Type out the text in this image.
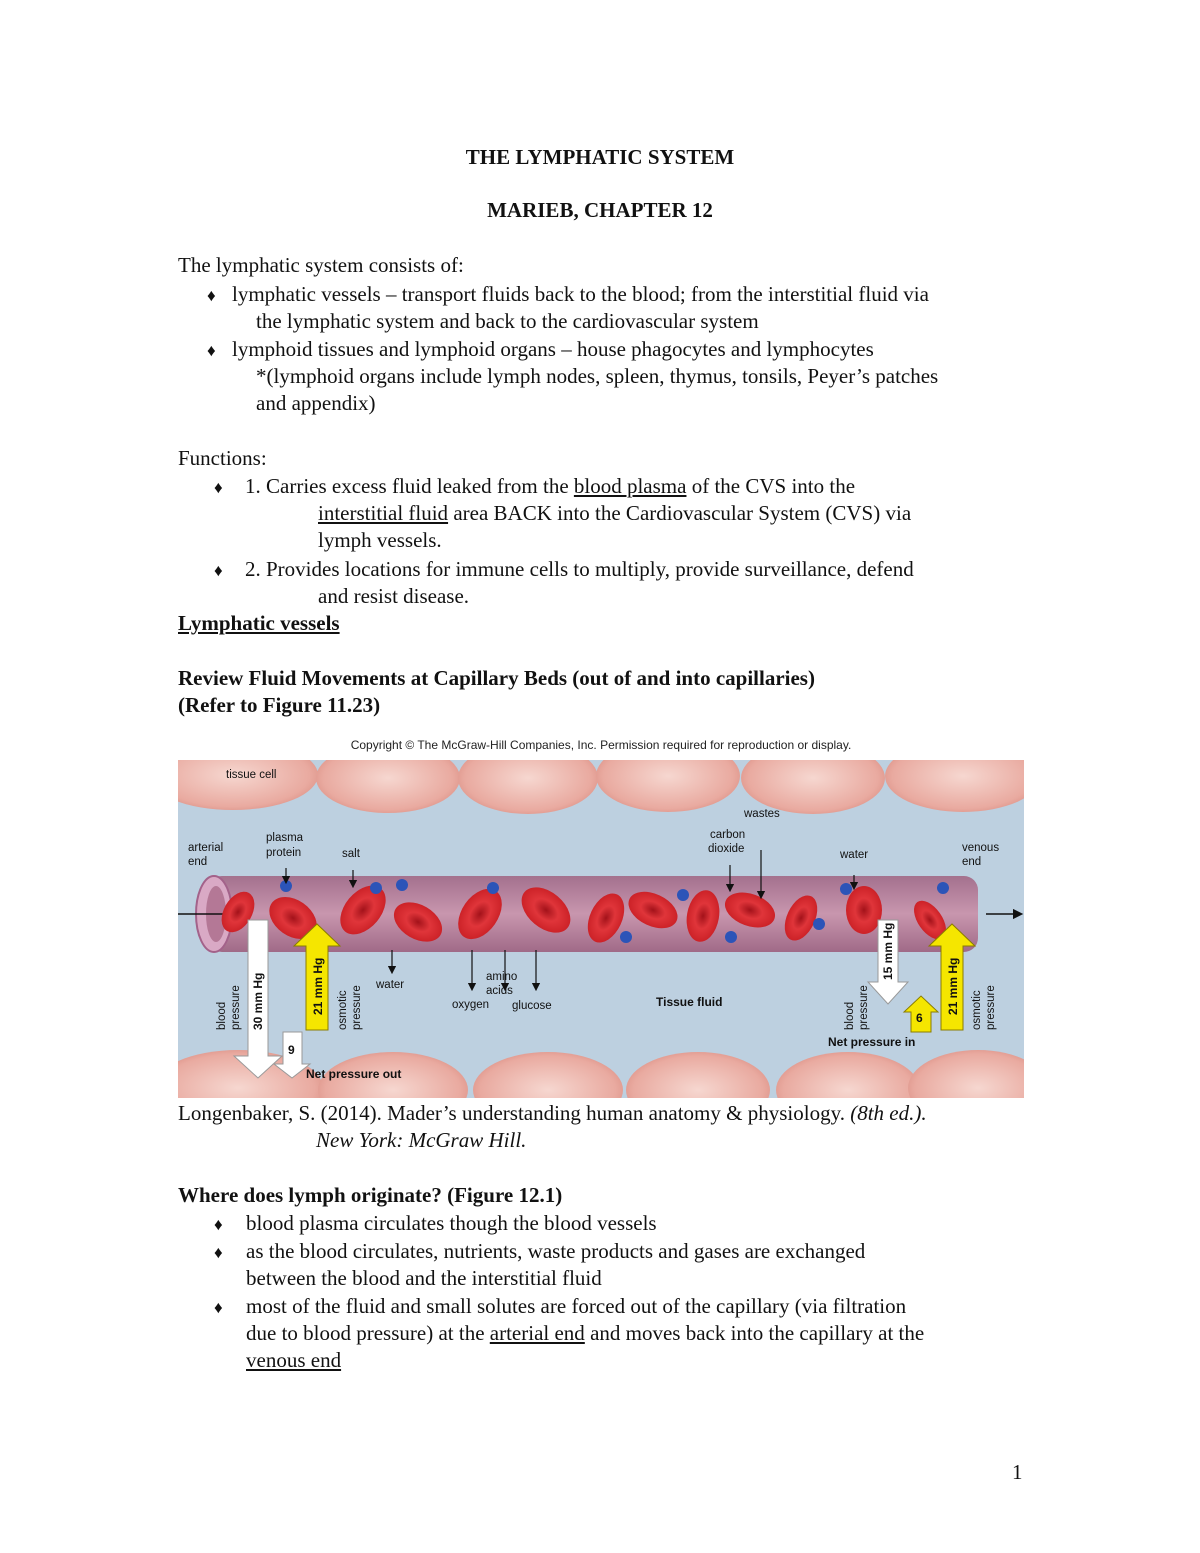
THE LYMPHATIC SYSTEM
MARIEB, CHAPTER 12
The lymphatic system consists of:
♦ lymphatic vessels – transport fluids back to the blood; from the interstitial fluid via
the lymphatic system and back to the cardiovascular system
♦ lymphoid tissues and lymphoid organs – house phagocytes and lymphocytes
*(lymphoid organs include lymph nodes, spleen, thymus, tonsils, Peyer’s patches
and appendix)
Functions:
♦ 1. Carries excess fluid leaked from the blood plasma of the CVS into the
interstitial fluid area BACK into the Cardiovascular System (CVS) via
lymph vessels.
♦ 2. Provides locations for immune cells to multiply, provide surveillance, defend
and resist disease.
Lymphatic vessels
Review Fluid Movements at Capillary Beds (out of and into capillaries)
(Refer to Figure 11.23)
Copyright © The McGraw-Hill Companies, Inc. Permission required for reproduction or display.
tissue cell
arterial
end
plasma
protein	salt
wastes
carbon
dioxide	water
venous
end
water
amino
acids
oxygen glucose	Tissue fluid
blood pressure 30 mm Hg	21 mm Hg osmotic pressure
15 mm Hg
blood pressure	21 mm Hg osmotic pressure
6
Net pressure in
9
Net pressure out
Longenbaker, S. (2014). Mader’s understanding human anatomy & physiology. (8th ed.).
New York: McGraw Hill.
Where does lymph originate? (Figure 12.1)
♦ blood plasma circulates though the blood vessels
♦ as the blood circulates, nutrients, waste products and gases are exchanged
between the blood and the interstitial fluid
♦ most of the fluid and small solutes are forced out of the capillary (via filtration
due to blood pressure) at the arterial end and moves back into the capillary at the
venous end
1
